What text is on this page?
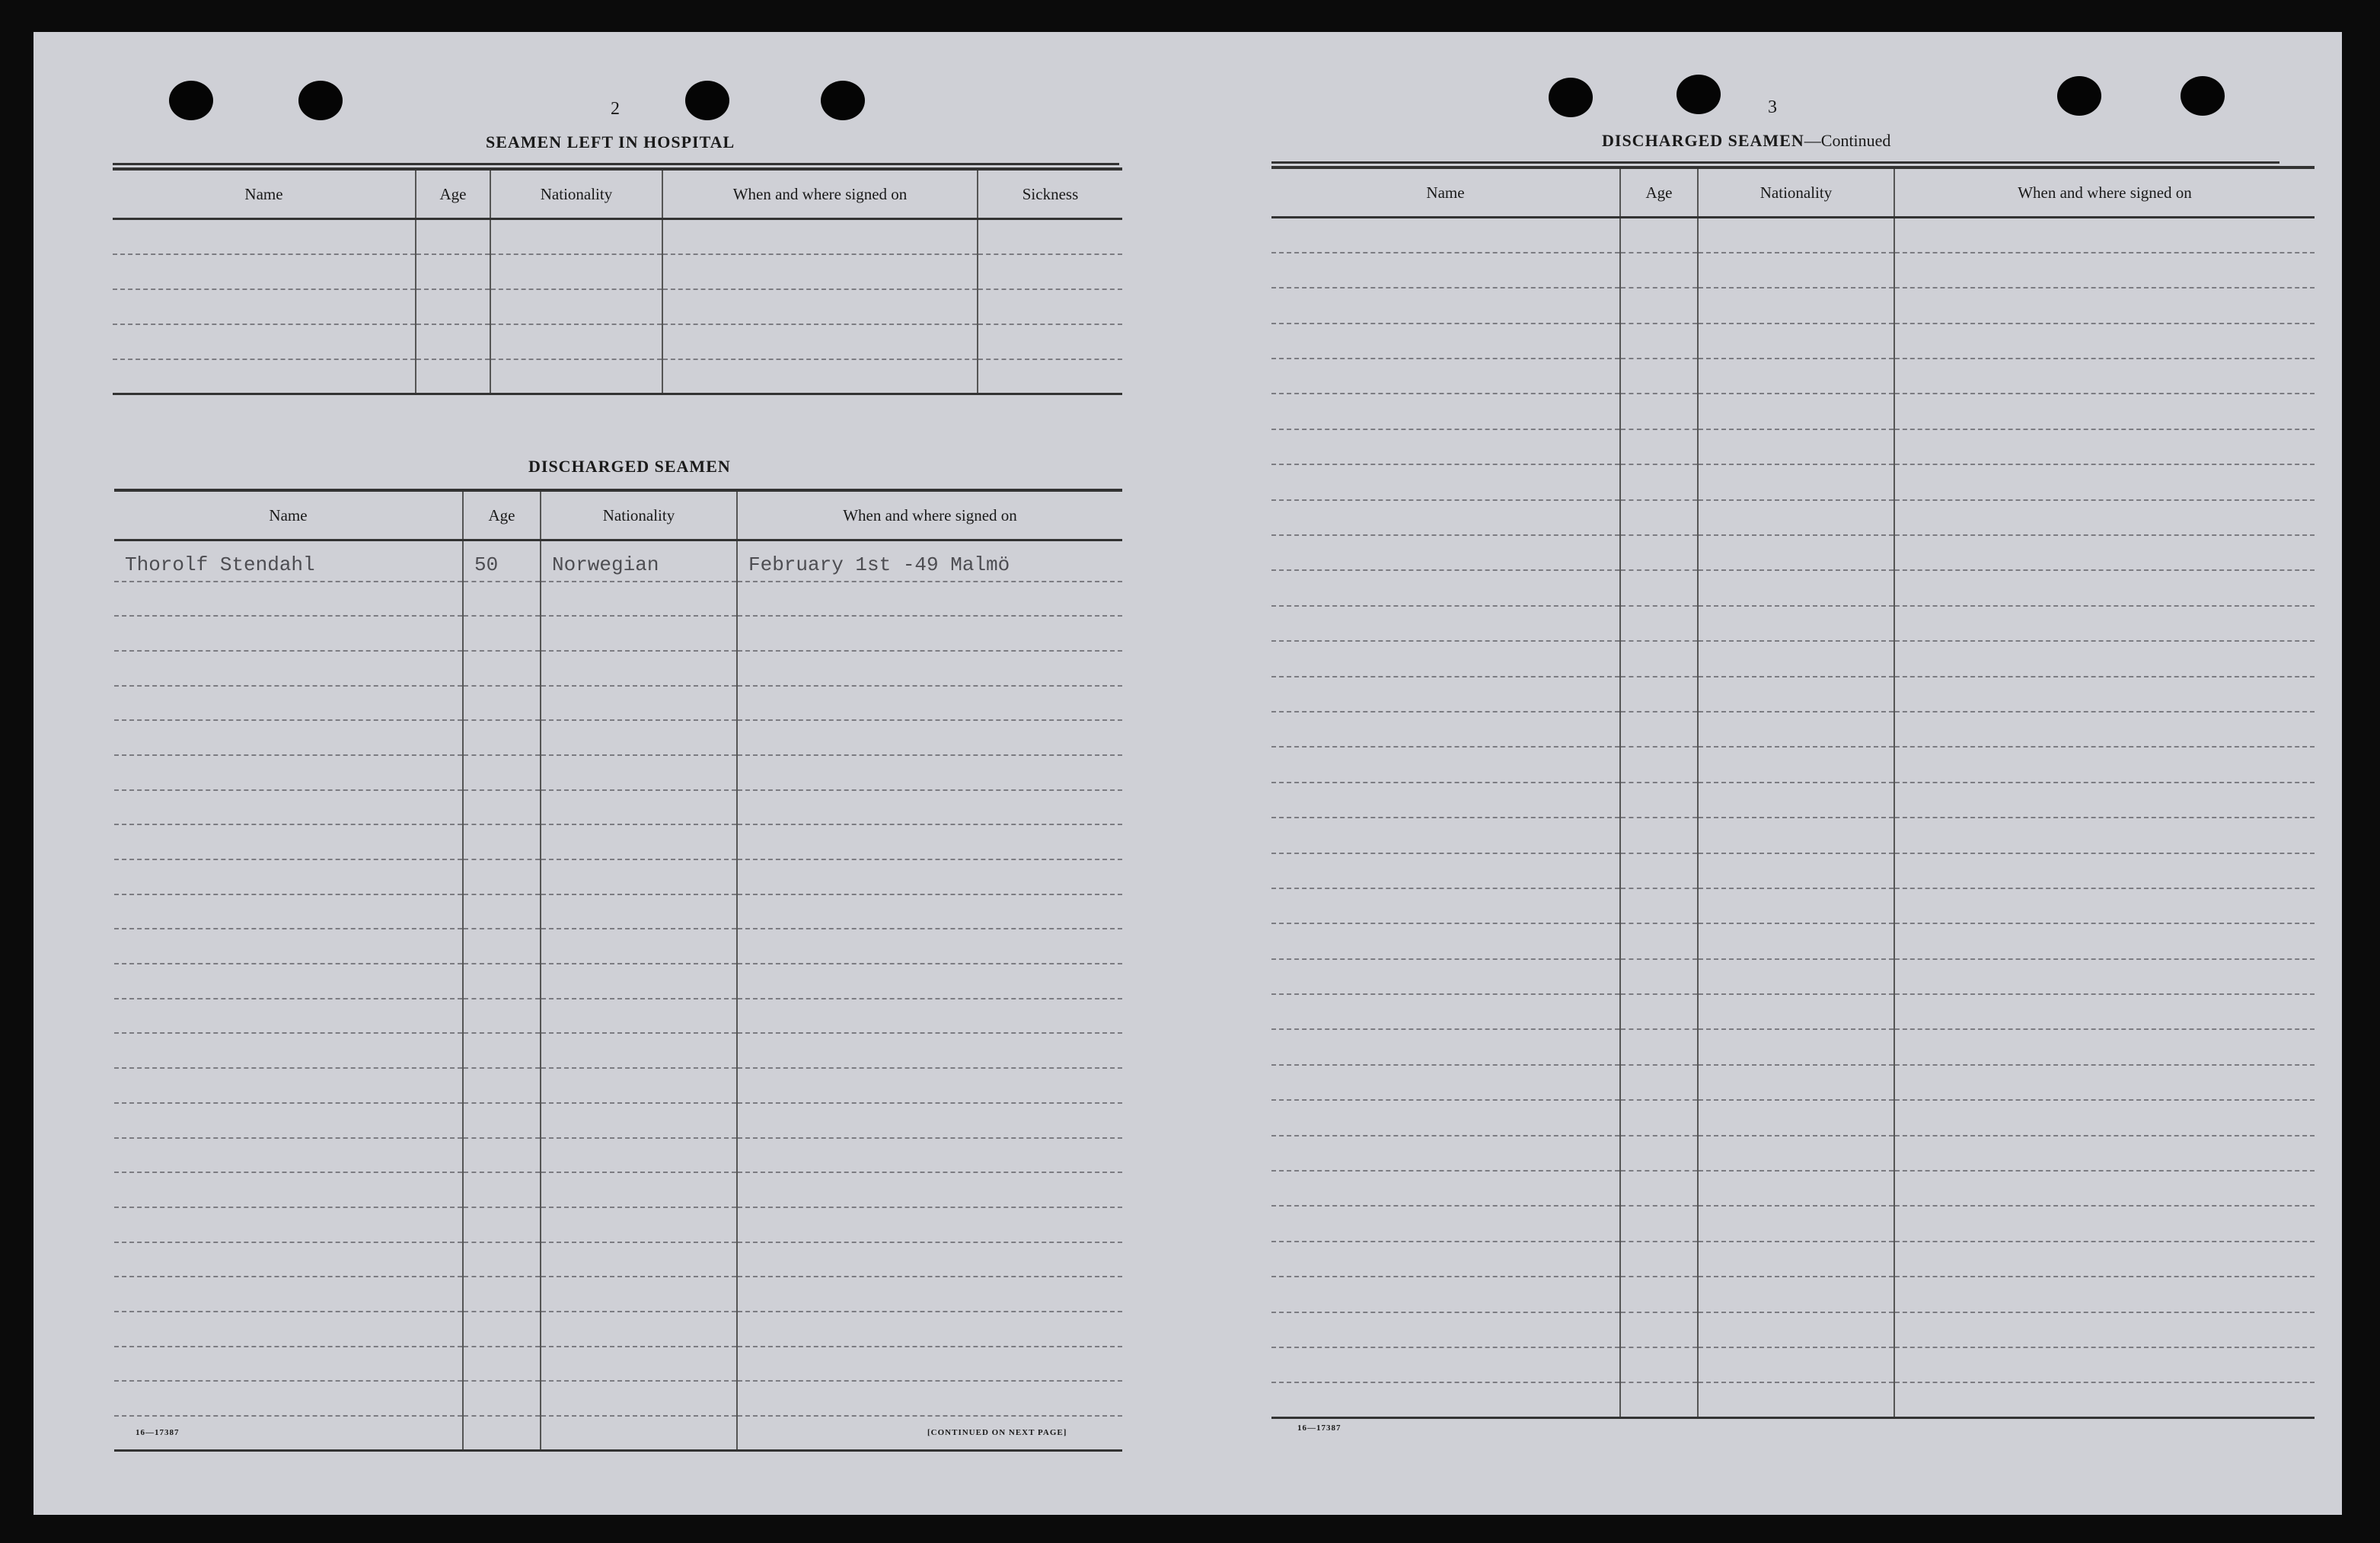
2
SEAMEN LEFT IN HOSPITAL
Name	Age	Nationality	When and where signed on	Sickness

DISCHARGED SEAMEN
Name	Age	Nationality	When and where signed on
Thorolf Stendahl	50	Norwegian	February 1st -49 Malmö

16—17387	[CONTINUED ON NEXT PAGE]
3
DISCHARGED SEAMEN—Continued
Name	Age	Nationality	When and where signed on

16—17387
